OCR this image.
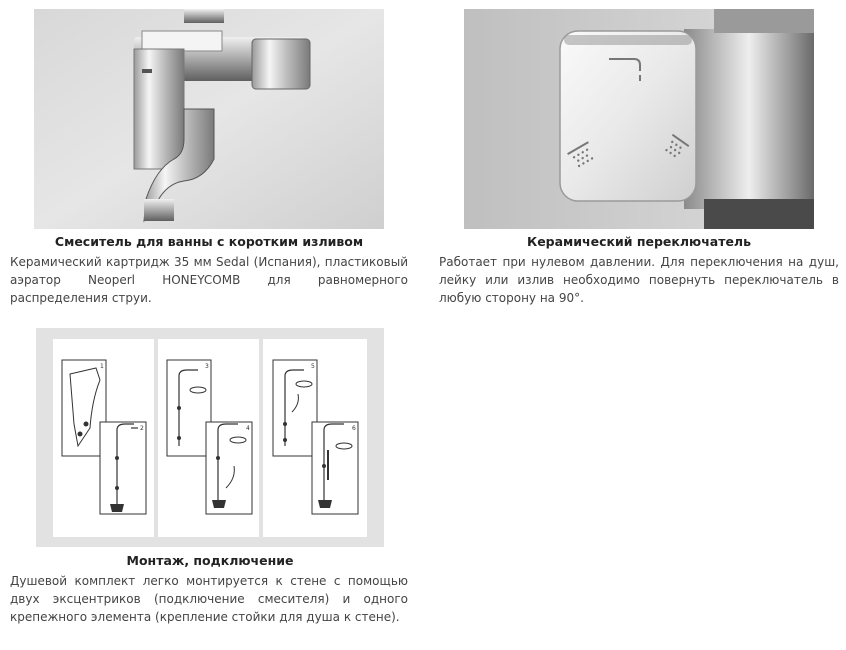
Смеситель для ванны с коротким изливом
Керамический картридж 35 мм Sedal (Испания), пластиковый аэратор Neoperl HONEYCOMB для равномерного распределения струи.
Керамический переключатель
Работает при нулевом давлении. Для переключения на душ, лейку или излив необходимо повернуть переключатель в любую сторону на 90°.
1
2
3
4
5
6
Монтаж, подключение
Душевой комплект легко монтируется к стене с помощью двух эксцентриков (подключение смесителя) и одного крепежного элемента (крепление стойки для душа к стене).
